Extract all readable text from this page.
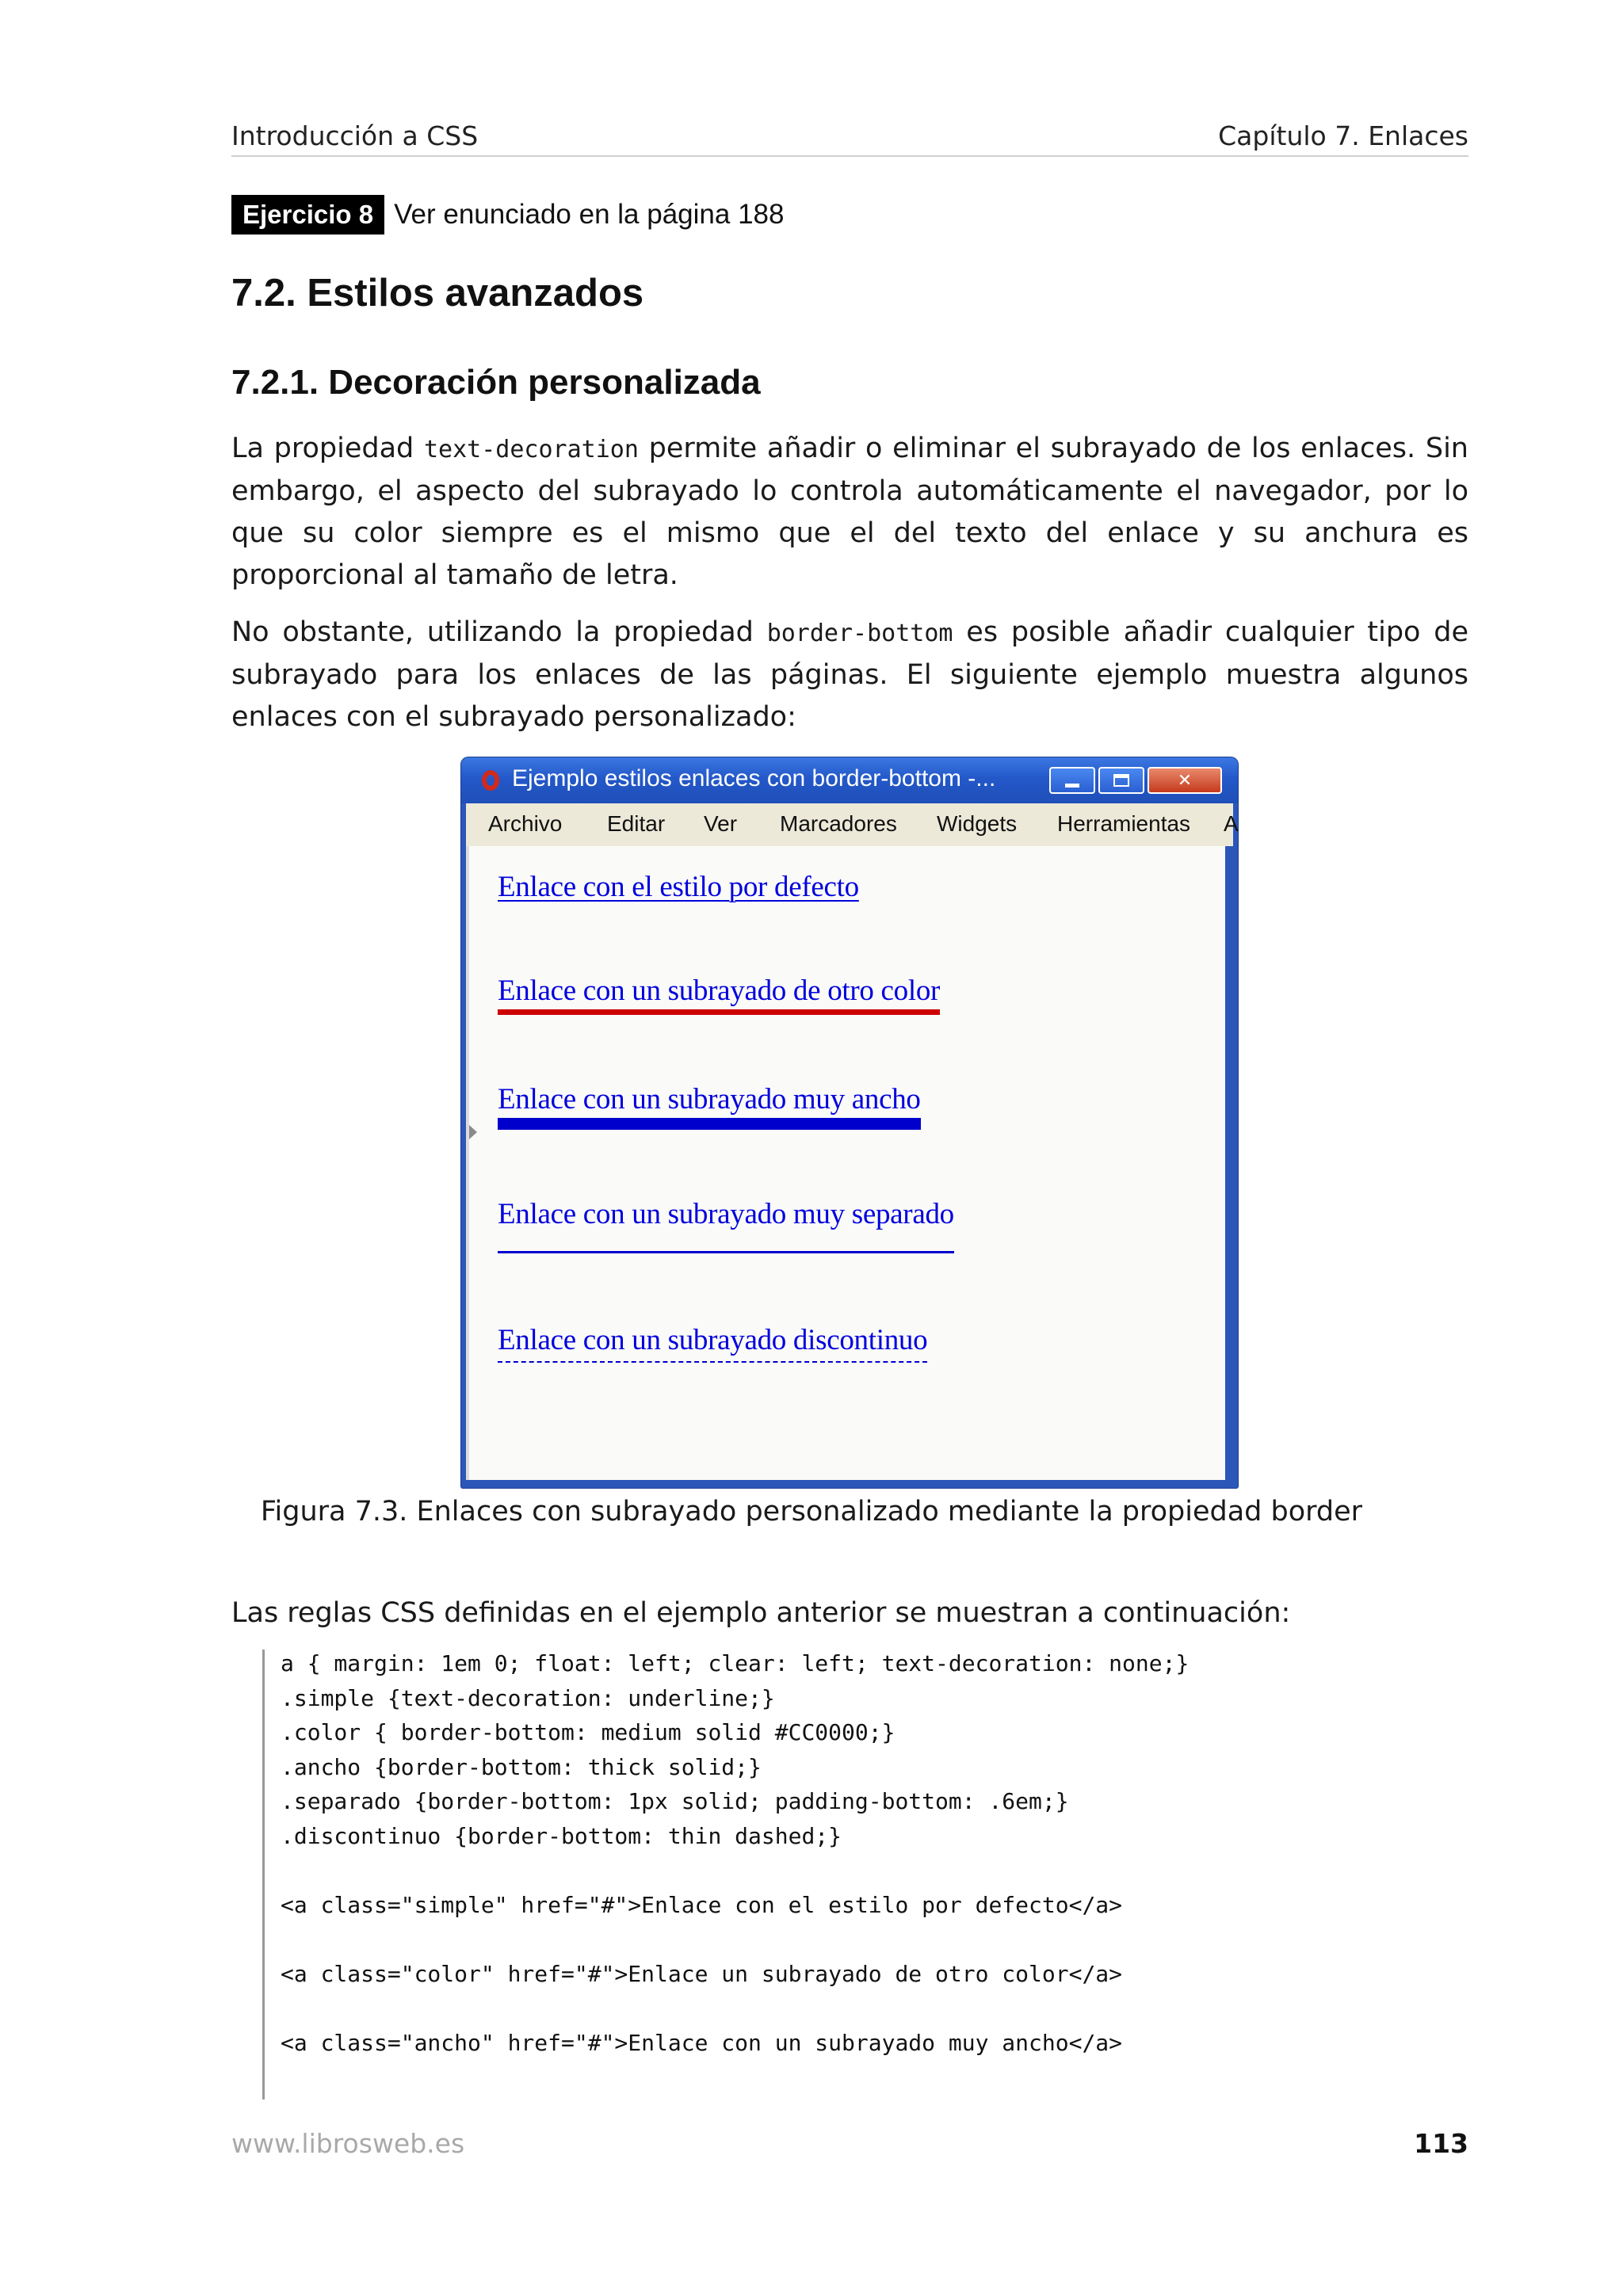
Introducción a CSS	Capítulo 7. Enlaces
Ejercicio 8 Ver enunciado en la página 188
7.2. Estilos avanzados
7.2.1. Decoración personalizada
La propiedad text-decoration permite añadir o eliminar el subrayado de los enlaces. Sin embargo, el aspecto del subrayado lo controla automáticamente el navegador, por lo que su color siempre es el mismo que el del texto del enlace y su anchura es proporcional al tamaño de letra.
No obstante, utilizando la propiedad border-bottom es posible añadir cualquier tipo de subrayado para los enlaces de las páginas. El siguiente ejemplo muestra algunos enlaces con el subrayado personalizado:
Ejemplo estilos enlaces con border-bottom -...	✕
Archivo Editar Ver Marcadores Widgets Herramientas A
Enlace con el estilo por defecto
Enlace con un subrayado de otro color
Enlace con un subrayado muy ancho
Enlace con un subrayado muy separado
Enlace con un subrayado discontinuo
Figura 7.3. Enlaces con subrayado personalizado mediante la propiedad border
Las reglas CSS definidas en el ejemplo anterior se muestran a continuación:
a { margin: 1em 0; float: left; clear: left; text-decoration: none;}
.simple {text-decoration: underline;}
.color { border-bottom: medium solid #CC0000;}
.ancho {border-bottom: thick solid;}
.separado {border-bottom: 1px solid; padding-bottom: .6em;}
.discontinuo {border-bottom: thin dashed;}
<a class="simple" href="#">Enlace con el estilo por defecto</a>
<a class="color" href="#">Enlace un subrayado de otro color</a>
<a class="ancho" href="#">Enlace con un subrayado muy ancho</a>
www.librosweb.es	113
